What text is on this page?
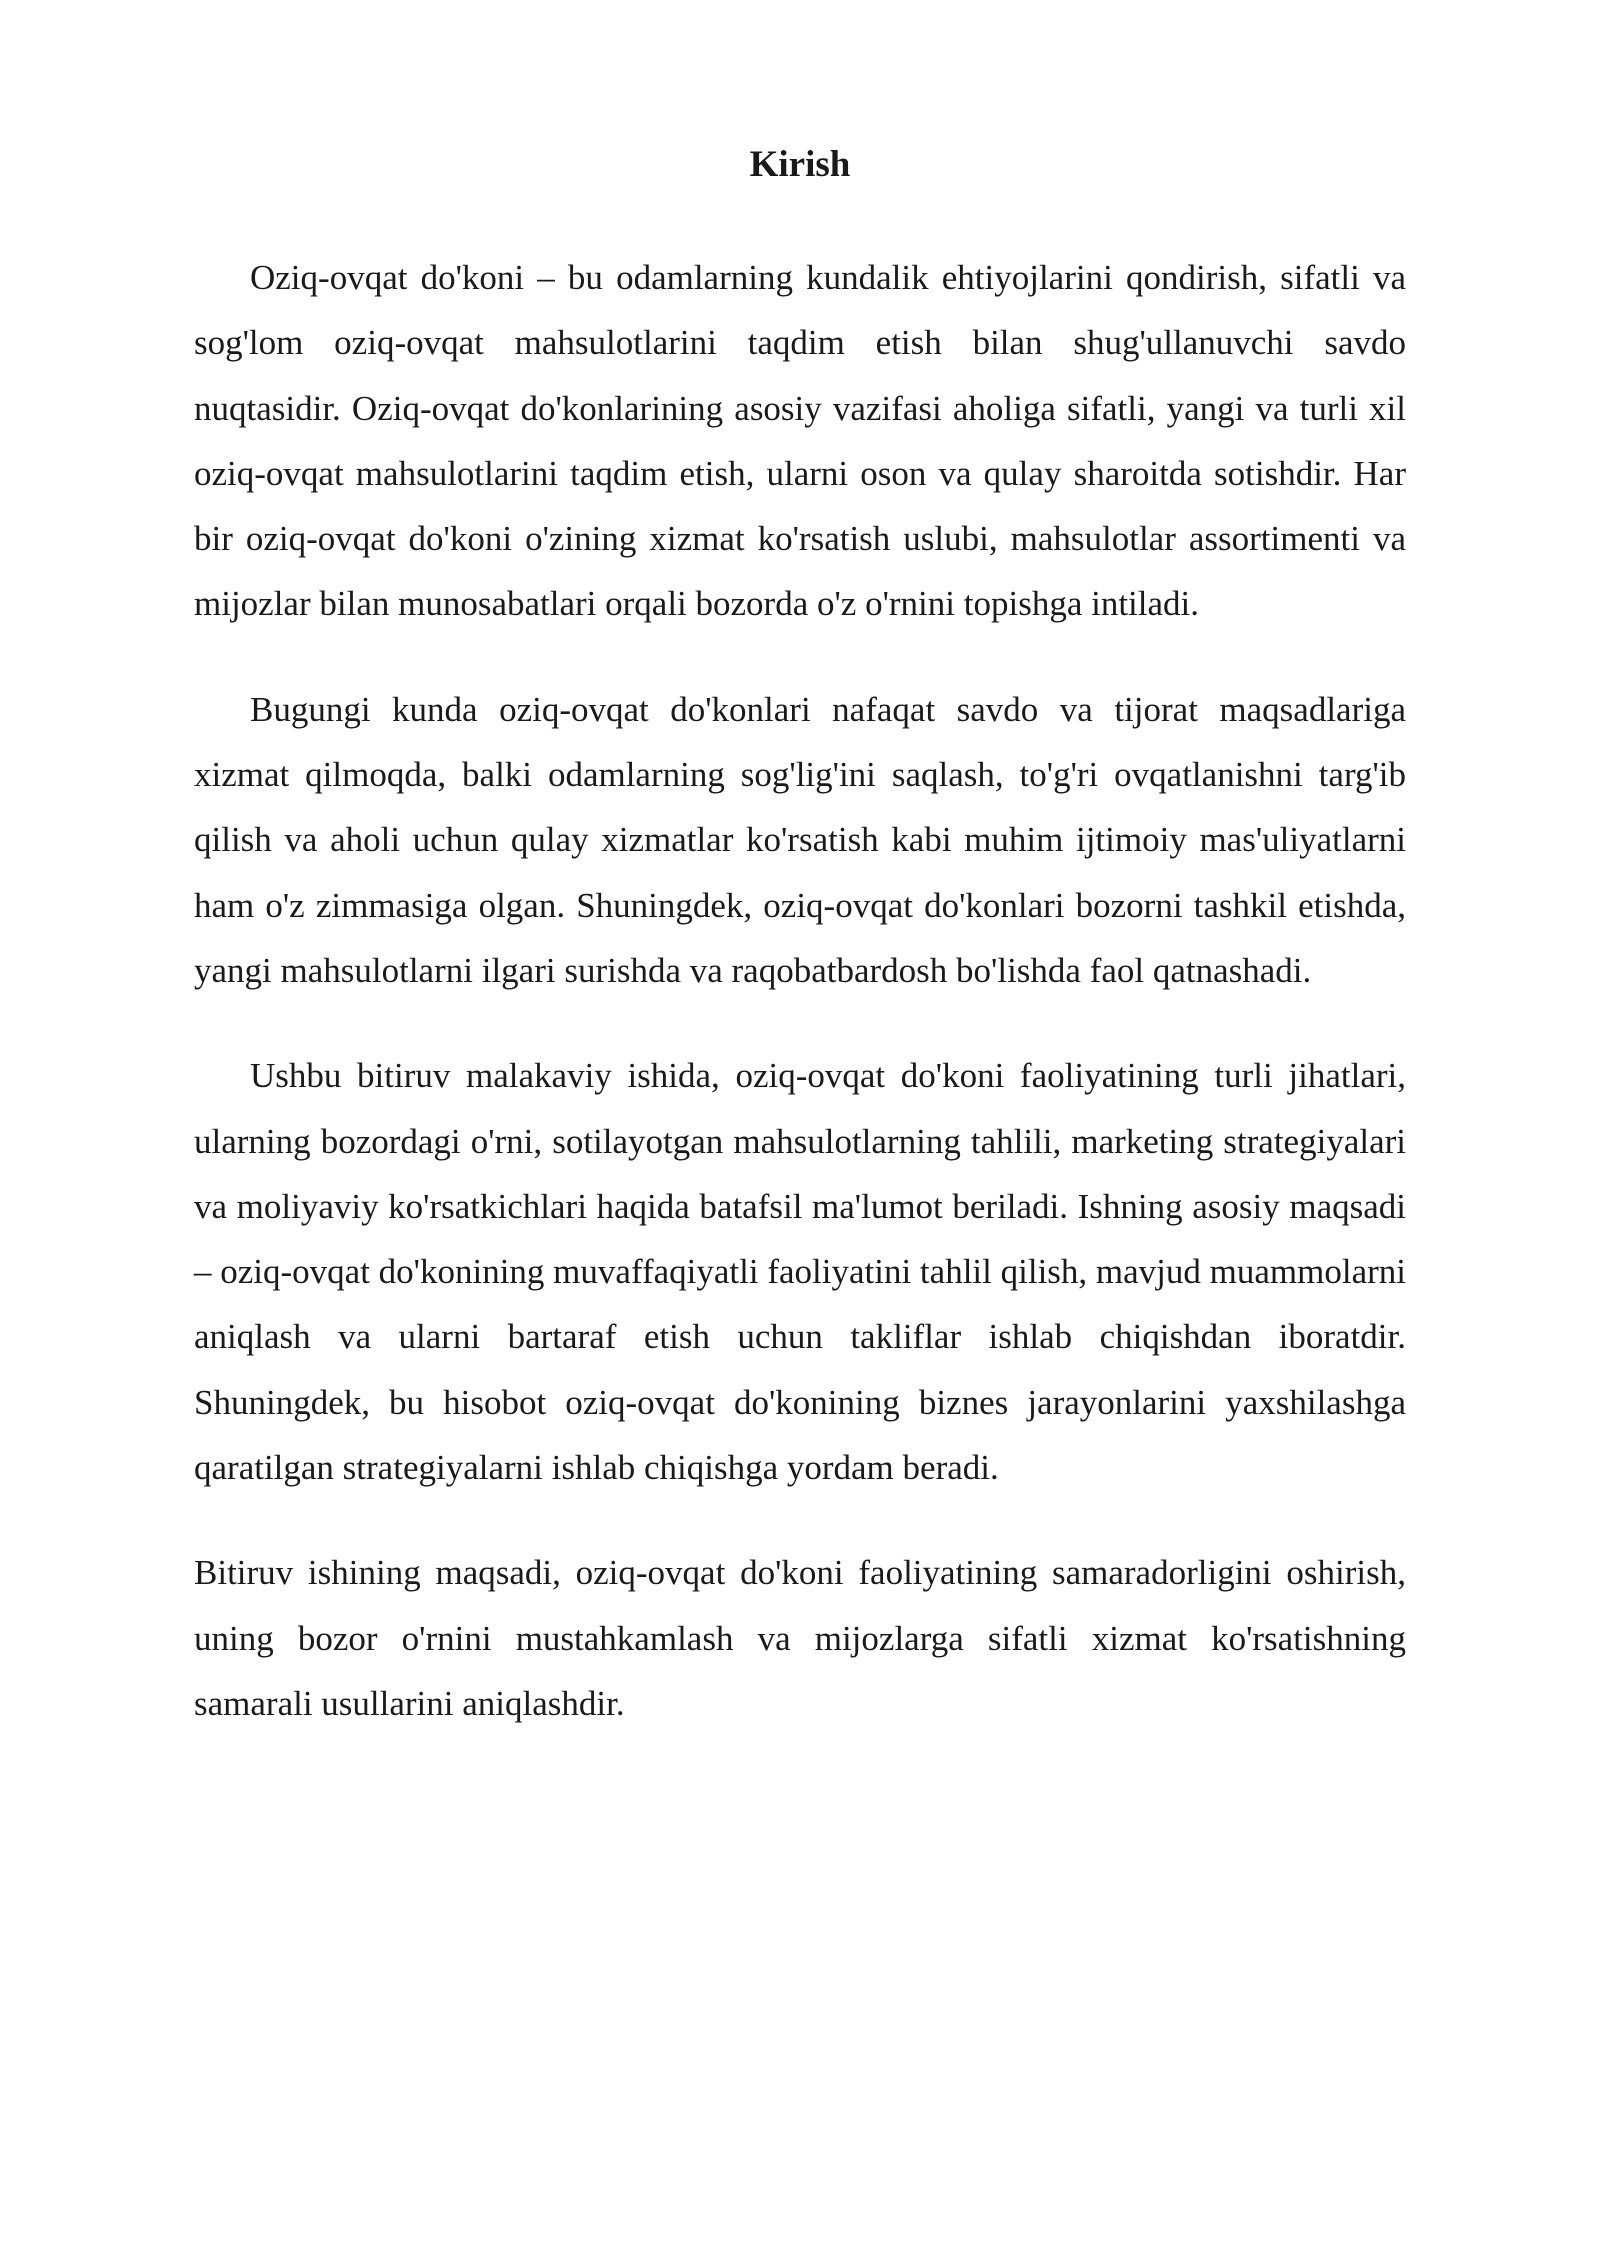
Kirish

Oziq-ovqat do'koni – bu odamlarning kundalik ehtiyojlarini qondirish, sifatli va sog'lom oziq-ovqat mahsulotlarini taqdim etish bilan shug'ullanuvchi savdo nuqtasidir. Oziq-ovqat do'konlarining asosiy vazifasi aholiga sifatli, yangi va turli xil oziq-ovqat mahsulotlarini taqdim etish, ularni oson va qulay sharoitda sotishdir. Har bir oziq-ovqat do'koni o'zining xizmat ko'rsatish uslubi, mahsulotlar assortimenti va mijozlar bilan munosabatlari orqali bozorda o'z o'rnini topishga intiladi.

Bugungi kunda oziq-ovqat do'konlari nafaqat savdo va tijorat maqsadlariga xizmat qilmoqda, balki odamlarning sog'lig'ini saqlash, to'g'ri ovqatlanishni targ'ib qilish va aholi uchun qulay xizmatlar ko'rsatish kabi muhim ijtimoiy mas'uliyatlarni ham o'z zimmasiga olgan. Shuningdek, oziq-ovqat do'konlari bozorni tashkil etishda, yangi mahsulotlarni ilgari surishda va raqobatbardosh bo'lishda faol qatnashadi.

Ushbu bitiruv malakaviy ishida, oziq-ovqat do'koni faoliyatining turli jihatlari, ularning bozordagi o'rni, sotilayotgan mahsulotlarning tahlili, marketing strategiyalari va moliyaviy ko'rsatkichlari haqida batafsil ma'lumot beriladi. Ishning asosiy maqsadi – oziq-ovqat do'konining muvaffaqiyatli faoliyatini tahlil qilish, mavjud muammolarni aniqlash va ularni bartaraf etish uchun takliflar ishlab chiqishdan iboratdir. Shuningdek, bu hisobot oziq-ovqat do'konining biznes jarayonlarini yaxshilashga qaratilgan strategiyalarni ishlab chiqishga yordam beradi.

Bitiruv ishining maqsadi, oziq-ovqat do'koni faoliyatining samaradorligini oshirish, uning bozor o'rnini mustahkamlash va mijozlarga sifatli xizmat ko'rsatishning samarali usullarini aniqlashdir.
